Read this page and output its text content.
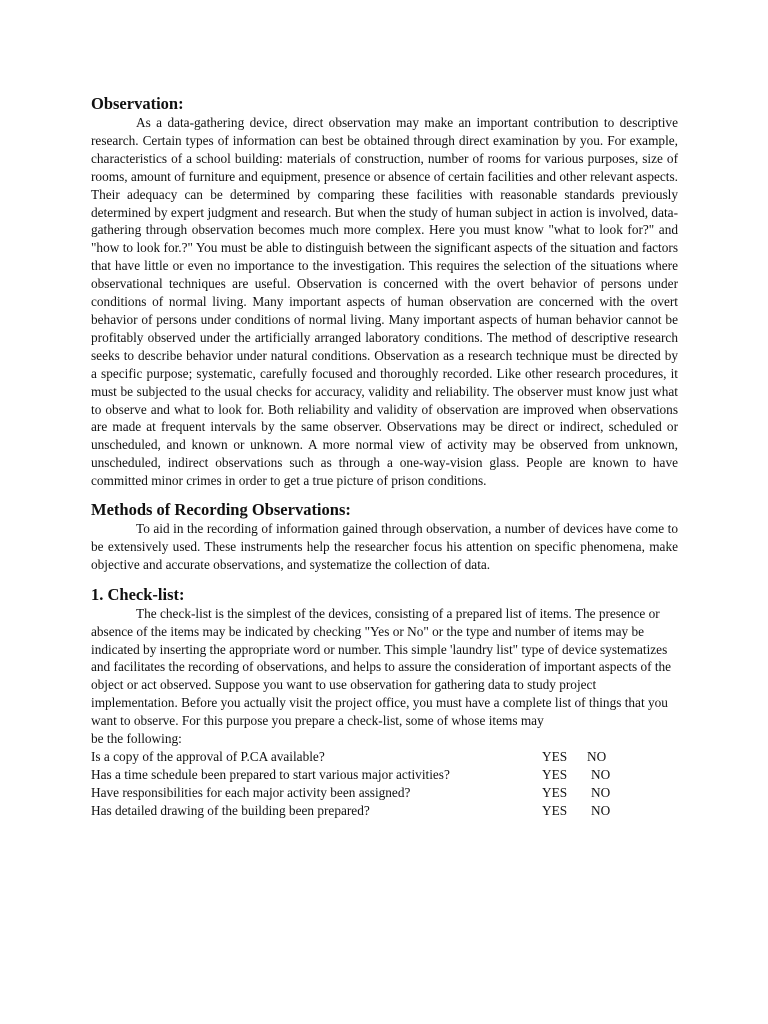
Observation:

As a data-gathering device, direct observation may make an important contribution to descriptive research. Certain types of information can best be obtained through direct examination by you. For example, characteristics of a school building: materials of construction, number of rooms for various purposes, size of rooms, amount of furniture and equipment, presence or absence of certain facilities and other relevant aspects. Their adequacy can be determined by comparing these facilities with reasonable standards previously determined by expert judgment and research. But when the study of human subject in action is involved, data-gathering through observation becomes much more complex. Here you must know "what to look for?" and "how to look for.?" You must be able to distinguish between the significant aspects of the situation and factors that have little or even no importance to the investigation. This requires the selection of the situations where observational techniques are useful. Observation is concerned with the overt behavior of persons under conditions of normal living. Many important aspects of human observation are concerned with the overt behavior of persons under conditions of normal living. Many important aspects of human behavior cannot be profitably observed under the artificially arranged laboratory conditions. The method of descriptive research seeks to describe behavior under natural conditions. Observation as a research technique must be directed by a specific purpose; systematic, carefully focused and thoroughly recorded. Like other research procedures, it must be subjected to the usual checks for accuracy, validity and reliability. The observer must know just what to observe and what to look for. Both reliability and validity of observation are improved when observations are made at frequent intervals by the same observer. Observations may be direct or indirect, scheduled or unscheduled, and known or unknown. A more normal view of activity may be observed from unknown, unscheduled, indirect observations such as through a one-way-vision glass. People are known to have committed minor crimes in order to get a true picture of prison conditions.

Methods of Recording Observations:

To aid in the recording of information gained through observation, a number of devices have come to be extensively used. These instruments help the researcher focus his attention on specific phenomena, make objective and accurate observations, and systematize the collection of data.

1. Check-list:

The check-list is the simplest of the devices, consisting of a prepared list of items. The presence or absence of the items may be indicated by checking "Yes or No" or the type and number of items may be indicated by inserting the appropriate word or number. This simple 'laundry list" type of device systematizes and facilitates the recording of observations, and helps to assure the consideration of important aspects of the object or act observed. Suppose you want to use observation for gathering data to study project implementation. Before you actually visit the project office, you must have a complete list of things that you want to observe. For this purpose you prepare a check-list, some of whose items may

be the following:
Is a copy of the approval of P.CA available?	YES NO
Has a time schedule been prepared to start various major activities?	YES NO
Have responsibilities for each major activity been assigned?	YES NO
Has detailed drawing of the building been prepared?	YES NO
